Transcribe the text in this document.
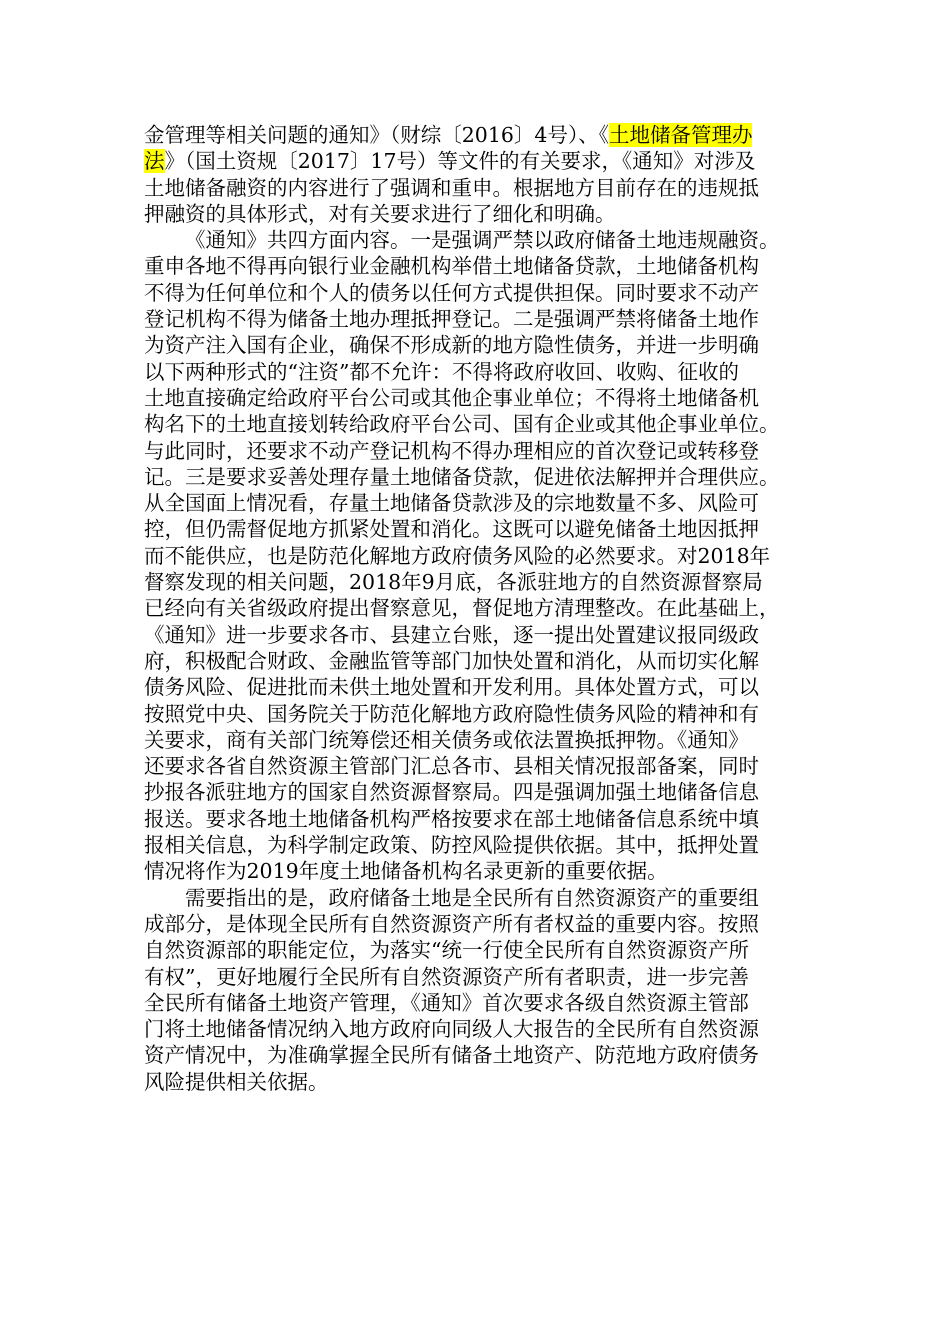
金管理等相关问题的通知》（财综〔2016〕4号）、《土地储备管理办
法》（国土资规〔2017〕17号）等文件的有关要求，《通知》对涉及
土地储备融资的内容进行了强调和重申。根据地方目前存在的违规抵
押融资的具体形式，对有关要求进行了细化和明确。
《通知》共四方面内容。一是强调严禁以政府储备土地违规融资。
重申各地不得再向银行业金融机构举借土地储备贷款，土地储备机构
不得为任何单位和个人的债务以任何方式提供担保。同时要求不动产
登记机构不得为储备土地办理抵押登记。二是强调严禁将储备土地作
为资产注入国有企业，确保不形成新的地方隐性债务，并进一步明确
以下两种形式的“注资”都不允许：不得将政府收回、收购、征收的
土地直接确定给政府平台公司或其他企事业单位；不得将土地储备机
构名下的土地直接划转给政府平台公司、国有企业或其他企事业单位。
与此同时，还要求不动产登记机构不得办理相应的首次登记或转移登
记。三是要求妥善处理存量土地储备贷款，促进依法解押并合理供应。
从全国面上情况看，存量土地储备贷款涉及的宗地数量不多、风险可
控，但仍需督促地方抓紧处置和消化。这既可以避免储备土地因抵押
而不能供应，也是防范化解地方政府债务风险的必然要求。对2018年
督察发现的相关问题，2018年9月底，各派驻地方的自然资源督察局
已经向有关省级政府提出督察意见，督促地方清理整改。在此基础上，
《通知》进一步要求各市、县建立台账，逐一提出处置建议报同级政
府，积极配合财政、金融监管等部门加快处置和消化，从而切实化解
债务风险、促进批而未供土地处置和开发利用。具体处置方式，可以
按照党中央、国务院关于防范化解地方政府隐性债务风险的精神和有
关要求，商有关部门统筹偿还相关债务或依法置换抵押物。《通知》
还要求各省自然资源主管部门汇总各市、县相关情况报部备案，同时
抄报各派驻地方的国家自然资源督察局。四是强调加强土地储备信息
报送。要求各地土地储备机构严格按要求在部土地储备信息系统中填
报相关信息，为科学制定政策、防控风险提供依据。其中，抵押处置
情况将作为2019年度土地储备机构名录更新的重要依据。
需要指出的是，政府储备土地是全民所有自然资源资产的重要组
成部分，是体现全民所有自然资源资产所有者权益的重要内容。按照
自然资源部的职能定位，为落实“统一行使全民所有自然资源资产所
有权”，更好地履行全民所有自然资源资产所有者职责，进一步完善
全民所有储备土地资产管理，《通知》首次要求各级自然资源主管部
门将土地储备情况纳入地方政府向同级人大报告的全民所有自然资源
资产情况中，为准确掌握全民所有储备土地资产、防范地方政府债务
风险提供相关依据。
